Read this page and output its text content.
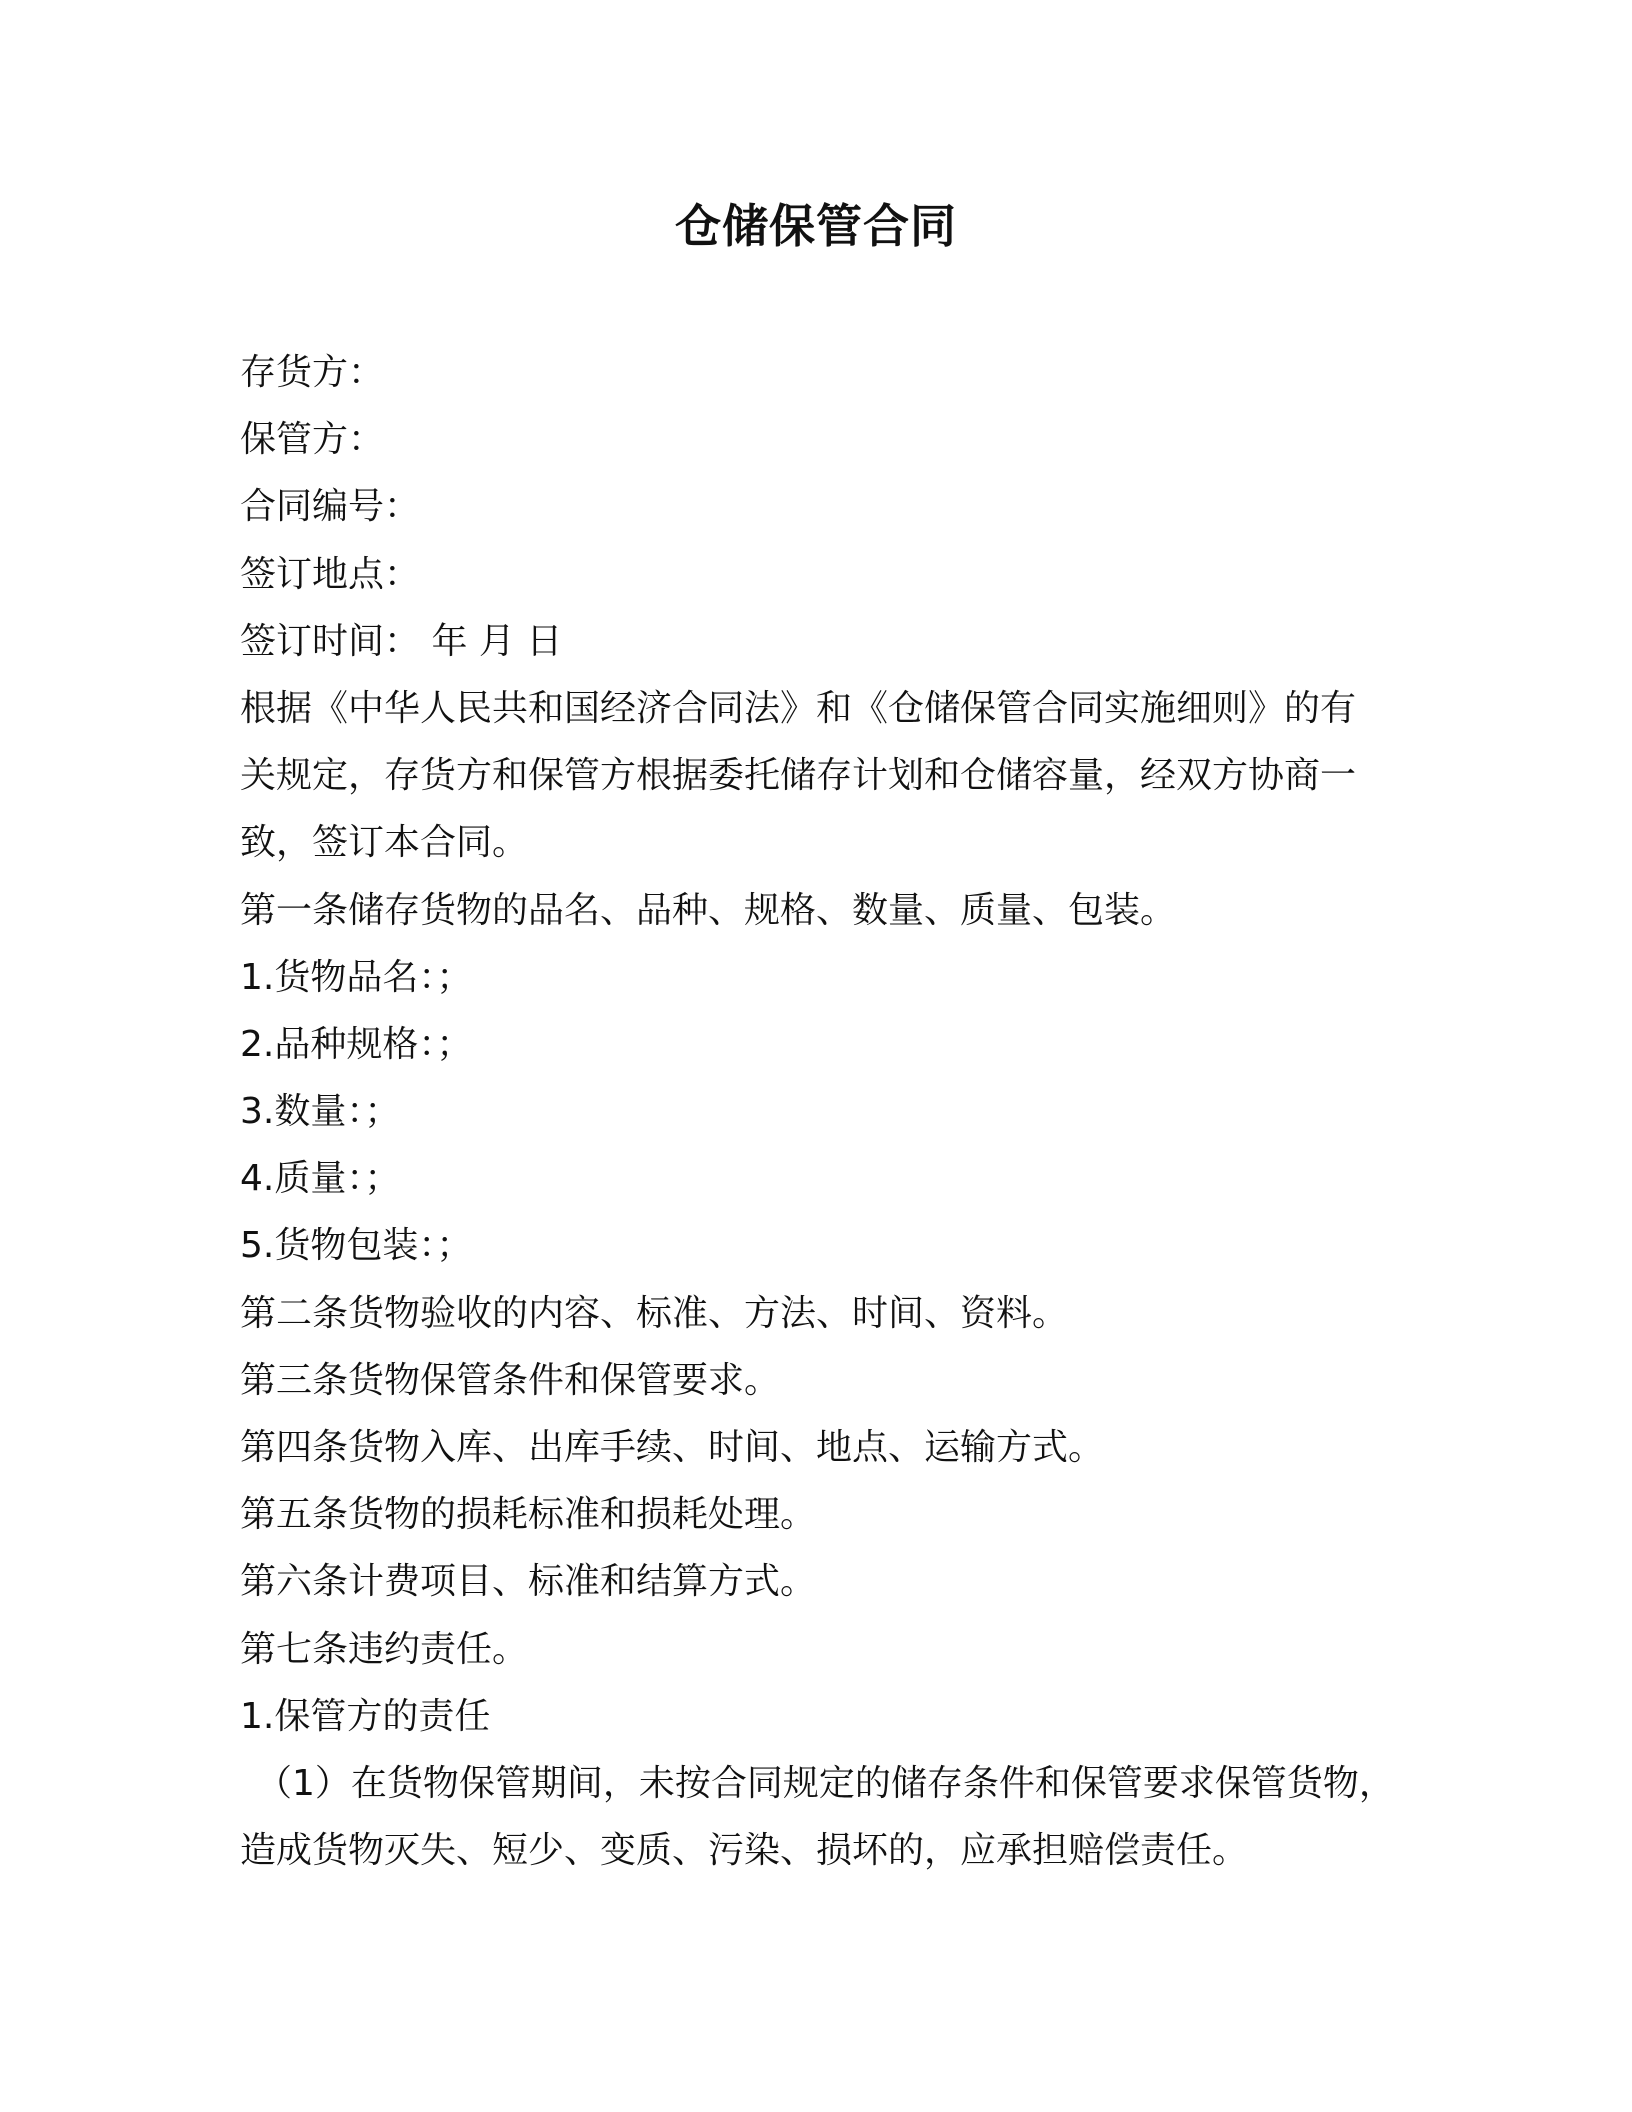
仓储保管合同
存货方：
保管方：
合同编号：
签订地点：
签订时间： 年 月 日
根据《中华人民共和国经济合同法》和《仓储保管合同实施细则》的有
关规定，存货方和保管方根据委托储存计划和仓储容量，经双方协商一
致，签订本合同。
第一条储存货物的品名、品种、规格、数量、质量、包装。
1.货物品名：；
2.品种规格：；
3.数量：；
4.质量：；
5.货物包装：；
第二条货物验收的内容、标准、方法、时间、资料。
第三条货物保管条件和保管要求。
第四条货物入库、出库手续、时间、地点、运输方式。
第五条货物的损耗标准和损耗处理。
第六条计费项目、标准和结算方式。
第七条违约责任。
1.保管方的责任
（1）在货物保管期间，未按合同规定的储存条件和保管要求保管货物，
造成货物灭失、短少、变质、污染、损坏的，应承担赔偿责任。
